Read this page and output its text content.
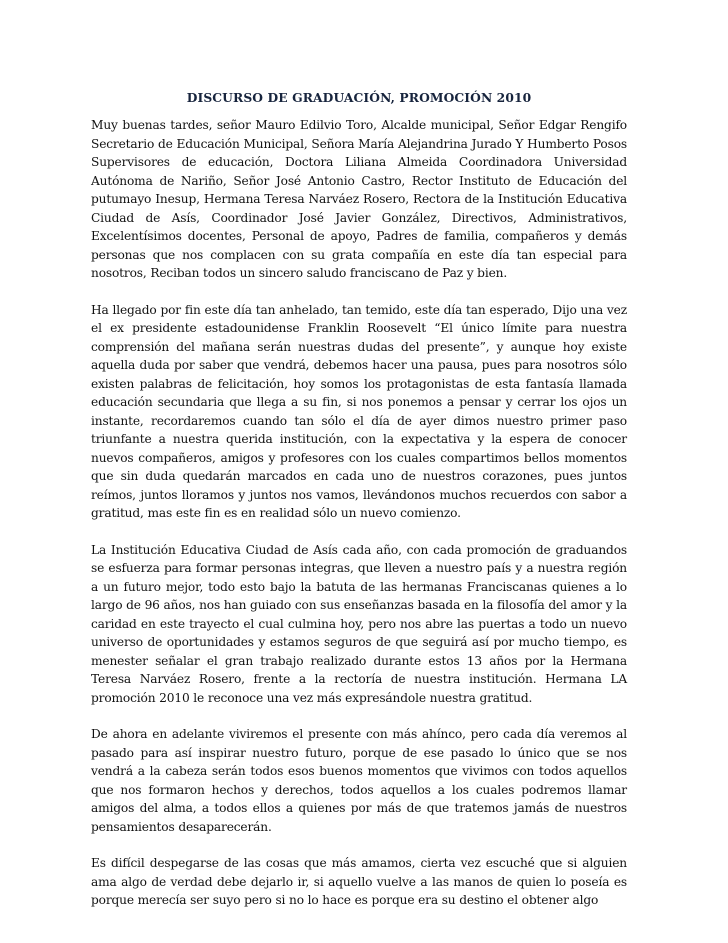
DISCURSO DE GRADUACIÓN, PROMOCIÓN 2010

Muy buenas tardes, señor Mauro Edilvio Toro, Alcalde municipal, Señor Edgar Rengifo Secretario de Educación Municipal, Señora María Alejandrina Jurado Y Humberto Posos Supervisores de educación, Doctora Liliana Almeida Coordinadora Universidad Autónoma de Nariño, Señor José Antonio Castro, Rector Instituto de Educación del putumayo Inesup, Hermana Teresa Narváez Rosero, Rectora de la Institución Educativa Ciudad de Asís, Coordinador José Javier González, Directivos, Administrativos, Excelentísimos docentes, Personal de apoyo, Padres de familia, compañeros y demás personas que nos complacen con su grata compañía en este día tan especial para nosotros, Reciban todos un sincero saludo franciscano de Paz y bien.

Ha llegado por fin este día tan anhelado, tan temido, este día tan esperado, Dijo una vez el ex presidente estadounidense Franklin Roosevelt “El único límite para nuestra comprensión del mañana serán nuestras dudas del presente”, y aunque hoy existe aquella duda por saber que vendrá, debemos hacer una pausa, pues para nosotros sólo existen palabras de felicitación, hoy somos los protagonistas de esta fantasía llamada educación secundaria que llega a su fin, si nos ponemos a pensar y cerrar los ojos un instante, recordaremos cuando tan sólo el día de ayer dimos nuestro primer paso triunfante a nuestra querida institución, con la expectativa y la espera de conocer nuevos compañeros, amigos y profesores con los cuales compartimos bellos momentos que sin duda quedarán marcados en cada uno de nuestros corazones, pues juntos reímos, juntos lloramos y juntos nos vamos, llevándonos muchos recuerdos con sabor a gratitud, mas este fin es en realidad sólo un nuevo comienzo.

La Institución Educativa Ciudad de Asís cada año, con cada promoción de graduandos se esfuerza para formar personas integras, que lleven a nuestro país y a nuestra región a un futuro mejor, todo esto bajo la batuta de las hermanas Franciscanas quienes a lo largo de 96 años, nos han guiado con sus enseñanzas basada en la filosofía del amor y la caridad en este trayecto el cual culmina hoy, pero nos abre las puertas a todo un nuevo universo de oportunidades y estamos seguros de que seguirá así por mucho tiempo, es menester señalar el gran trabajo realizado durante estos 13 años por la Hermana Teresa Narváez Rosero, frente a la rectoría de nuestra institución. Hermana LA promoción 2010 le reconoce una vez más expresándole nuestra gratitud.

De ahora en adelante viviremos el presente con más ahínco, pero cada día veremos al pasado para así inspirar nuestro futuro, porque de ese pasado lo único que se nos vendrá a la cabeza serán todos esos buenos momentos que vivimos con todos aquellos que nos formaron hechos y derechos, todos aquellos a los cuales podremos llamar amigos del alma, a todos ellos a quienes por más de que tratemos jamás de nuestros pensamientos desaparecerán.

Es difícil despegarse de las cosas que más amamos, cierta vez escuché que si alguien ama algo de verdad debe dejarlo ir, si aquello vuelve a las manos de quien lo poseía es porque merecía ser suyo pero si no lo hace es porque era su destino el obtener algo
